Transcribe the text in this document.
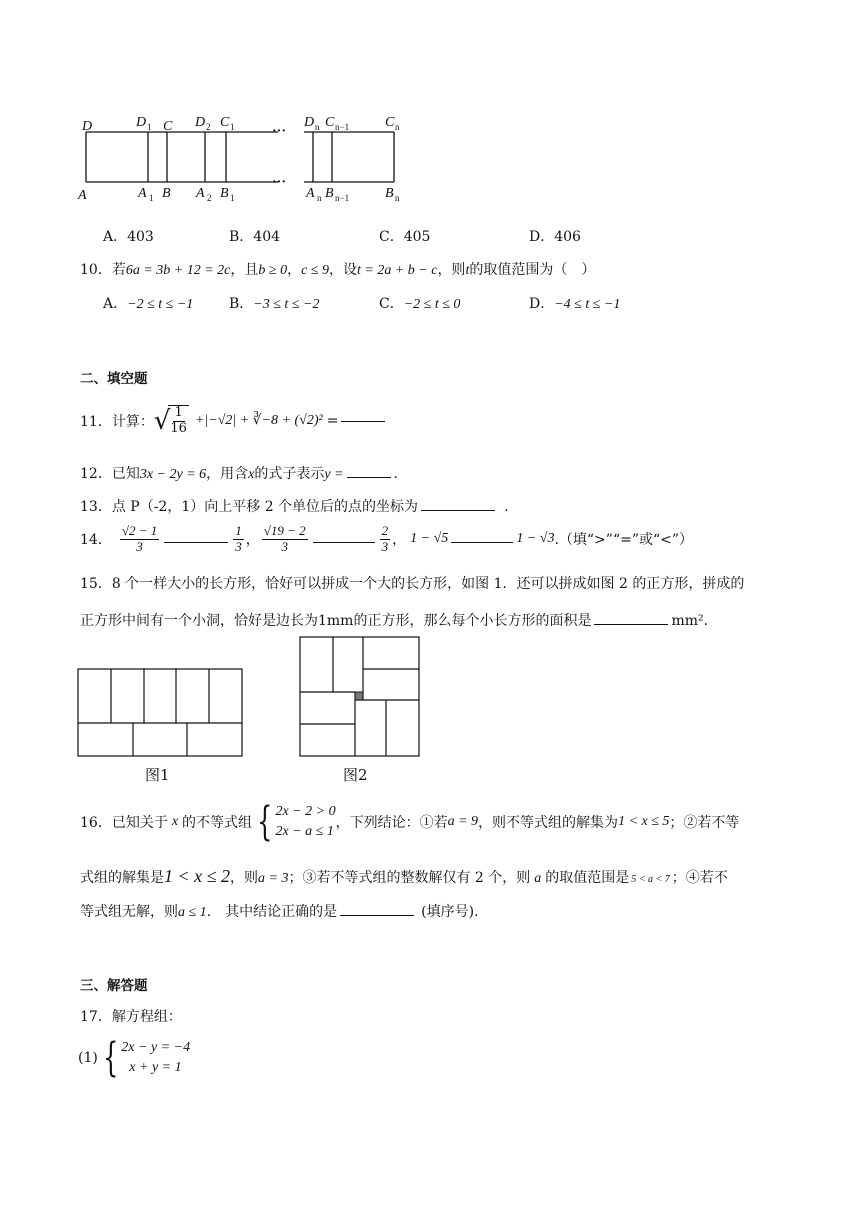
D	D 1 C D 2 C 1	···
D n C n−1	C n
A	A 1 B A 2 B 1
···
A n B n−1	B n
A．403	B．404	C．405	D．406
10．若6a = 3b + 12 = 2c，且b ≥ 0，c ≤ 9，设t = 2a + b − c，则t的取值范围为（　）
A．−2 ≤ t ≤ −1	B．−3 ≤ t ≤ −2	C．−2 ≤ t ≤ 0	D．−4 ≤ t ≤ −1
二、填空题
11． 计算： √
$\frac{1}{16} +|-√2|$ + ∛−8 + (√2)² =
12．已知3x − 2y = 6，用含x的式子表示y =	.
13．点 P（-2，1）向上平移 2 个单位后的点的坐标为	.
14． $\frac{√2 - 1}{3}$	$\frac{1}{3}$ ， $\frac{√19 - 2}{3}$	$\frac{2}{3}$ ， 1 − √5	1 − √3 .（填“>”“=”或“<”）
15．8 个一样大小的长方形，恰好可以拼成一个大的长方形，如图 1．还可以拼成如图 2 的正方形，拼成的
正方形中间有一个小洞，恰好是边长为1mm的正方形，那么每个小长方形的面积是	mm²．
图1	图2
16． 已知关于 x 的不等式组 { 2x − 2 > 0
2x − a ≤ 1
，下列结论：①若 a = 9 ，则不等式组的解集为 1 < x ≤ 5 ；②若不等
式组的解集是 1 < x ≤ 2 ，则 a = 3 ；③若不等式组的整数解仅有 2 个，则 a 的取值范围是 5 < a < 7 ；④若不
等式组无解，则a ≤ 1.　其中结论正确的是	(填序号).
三、解答题
17．解方程组：
(1) { 2x − y = −4
x + y = 1
